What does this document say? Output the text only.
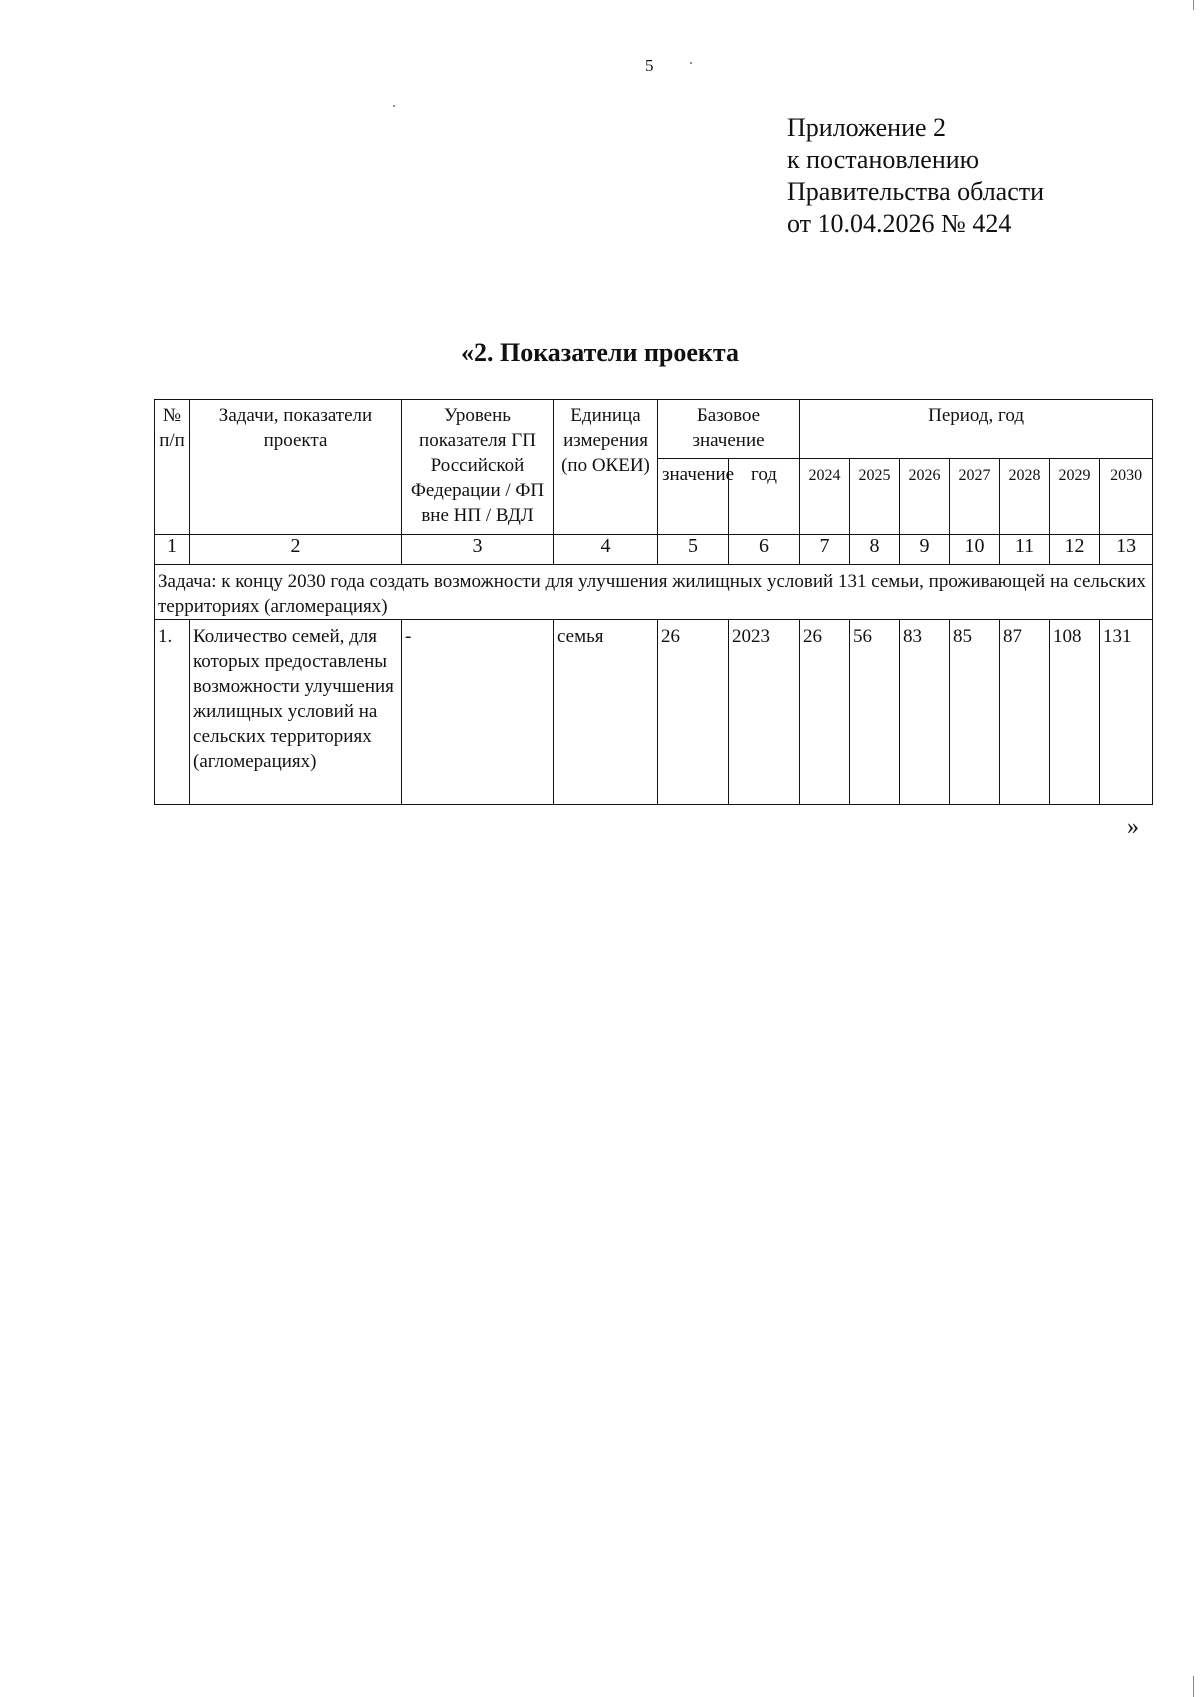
5
Приложение 2
к постановлению
Правительства области
от 10.04.2026 № 424
«2. Показатели проекта
№ п/п	Задачи, показатели проекта	Уровень показателя ГП Российской Федерации / ФП вне НП / ВДЛ	Единица измерения (по ОКЕИ)	Базовое значение		Период, год						
				значение	год	2024	2025	2026	2027	2028	2029	2030
1	2	3	4	5	6	7	8	9	10	11	12	13
Задача: к концу 2030 года создать возможности для улучшения жилищных условий 131 семьи, проживающей на сельских территориях (агломерациях)												
1.	Количество семей, для которых предоставлены возможности улучшения жилищных условий на сельских территориях (агломерациях)	-	семья	26	2023	26	56	83	85	87	108	131
»
